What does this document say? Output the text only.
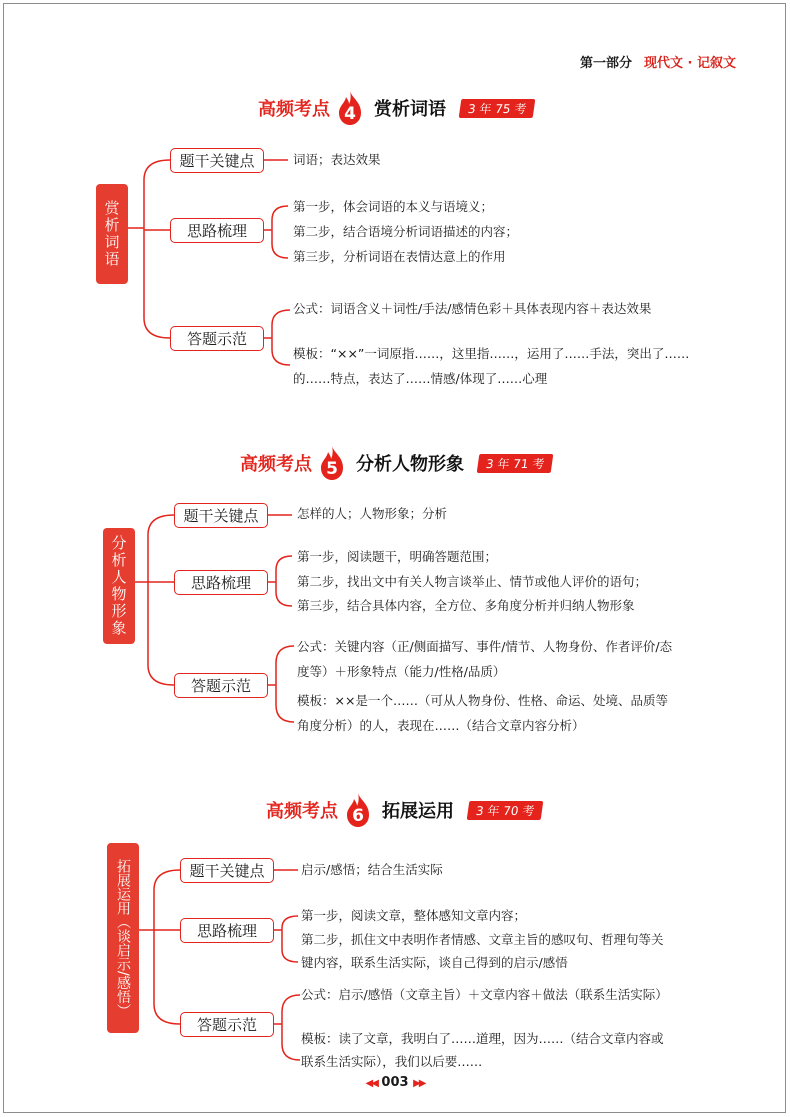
第一部分 现代文 · 记叙文
高频考点 4	赏析词语	3 年 75 考
赏析词语
题干关键点
思路梳理
答题示范
词语；表达效果
第一步，体会词语的本义与语境义；
第二步，结合语境分析词语描述的内容；
第三步，分析词语在表情达意上的作用
公式：词语含义＋词性/手法/感情色彩＋具体表现内容＋表达效果
模板：“××”一词原指……，这里指……，运用了……手法，突出了……的……特点，表达了……情感/体现了……心理
高频考点 5	分析人物形象	3 年 71 考
分析人物形象
题干关键点
思路梳理
答题示范
怎样的人；人物形象；分析
第一步，阅读题干，明确答题范围；
第二步，找出文中有关人物言谈举止、情节或他人评价的语句；
第三步，结合具体内容，全方位、多角度分析并归纳人物形象
公式：关键内容（正/侧面描写、事件/情节、人物身份、作者评价/态度等）＋形象特点（能力/性格/品质）
模板：××是一个……（可从人物身份、性格、命运、处境、品质等角度分析）的人，表现在……（结合文章内容分析）
高频考点 6	拓展运用	3 年 70 考
拓展运用（谈启示/感悟）	题干关键点
思路梳理
答题示范
启示/感悟；结合生活实际
第一步，阅读文章，整体感知文章内容；
第二步，抓住文中表明作者情感、文章主旨的感叹句、哲理句等关键内容，联系生活实际，谈自己得到的启示/感悟
公式：启示/感悟（文章主旨）＋文章内容＋做法（联系生活实际）
模板：读了文章，我明白了……道理，因为……（结合文章内容或联系生活实际），我们以后要……
◀◀ 003 ▶▶
